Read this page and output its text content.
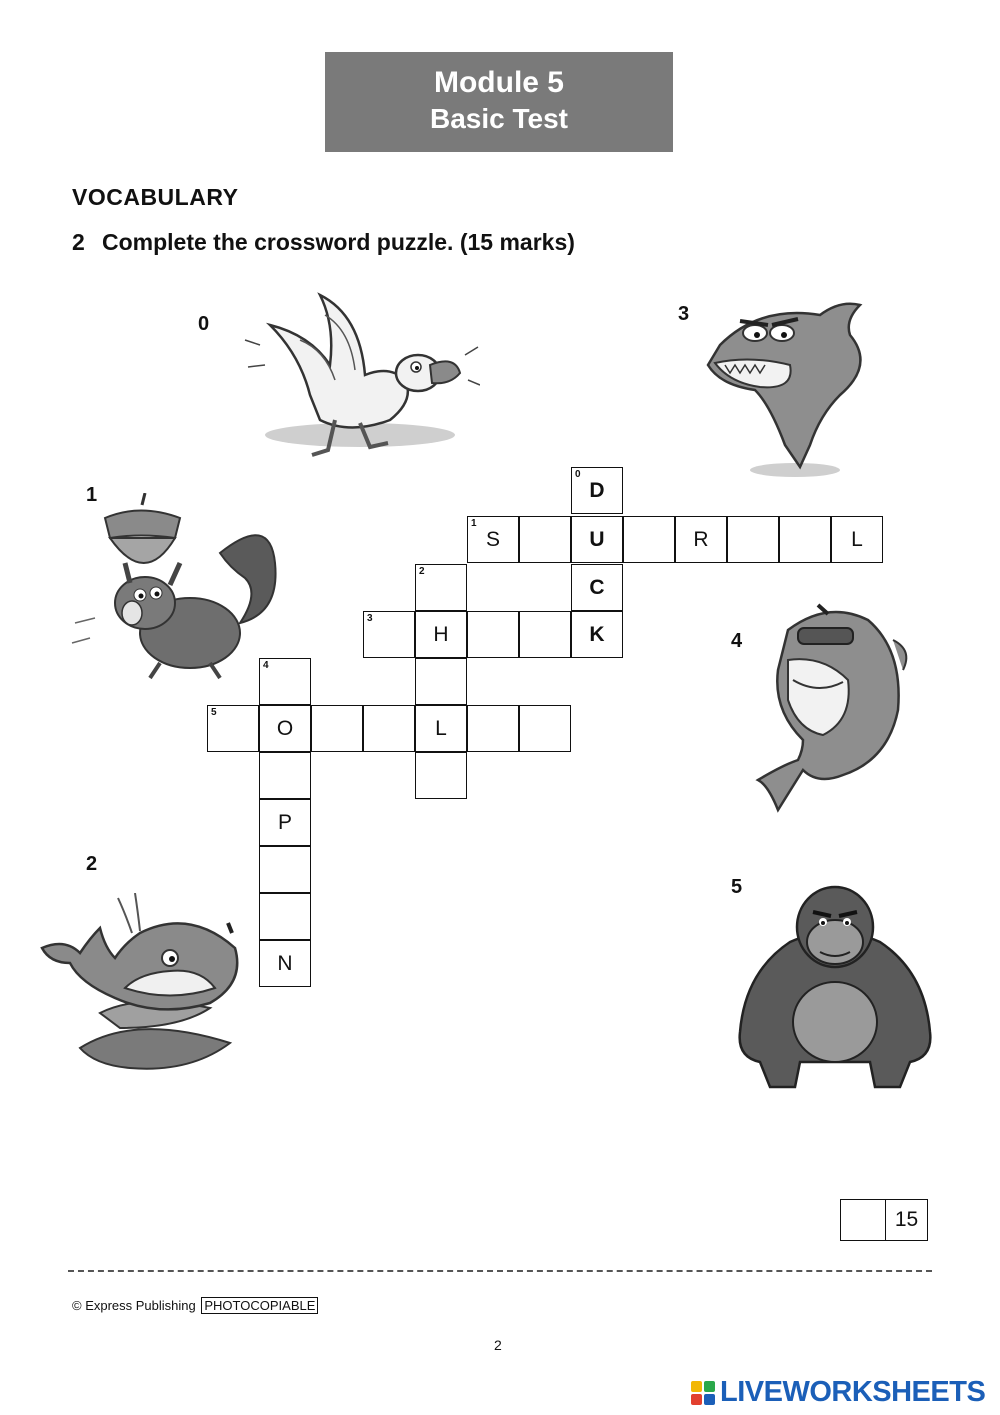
Module 5
Basic Test
VOCABULARY
2 Complete the crossword puzzle. (15 marks)
0
1
2
3
4
5
0
D
U
C
K
1
S	R	L
2
H
L
3
4
O
P
N
5
15
© Express Publishing PHOTOCOPIABLE
2
LIVEWORKSHEETS
